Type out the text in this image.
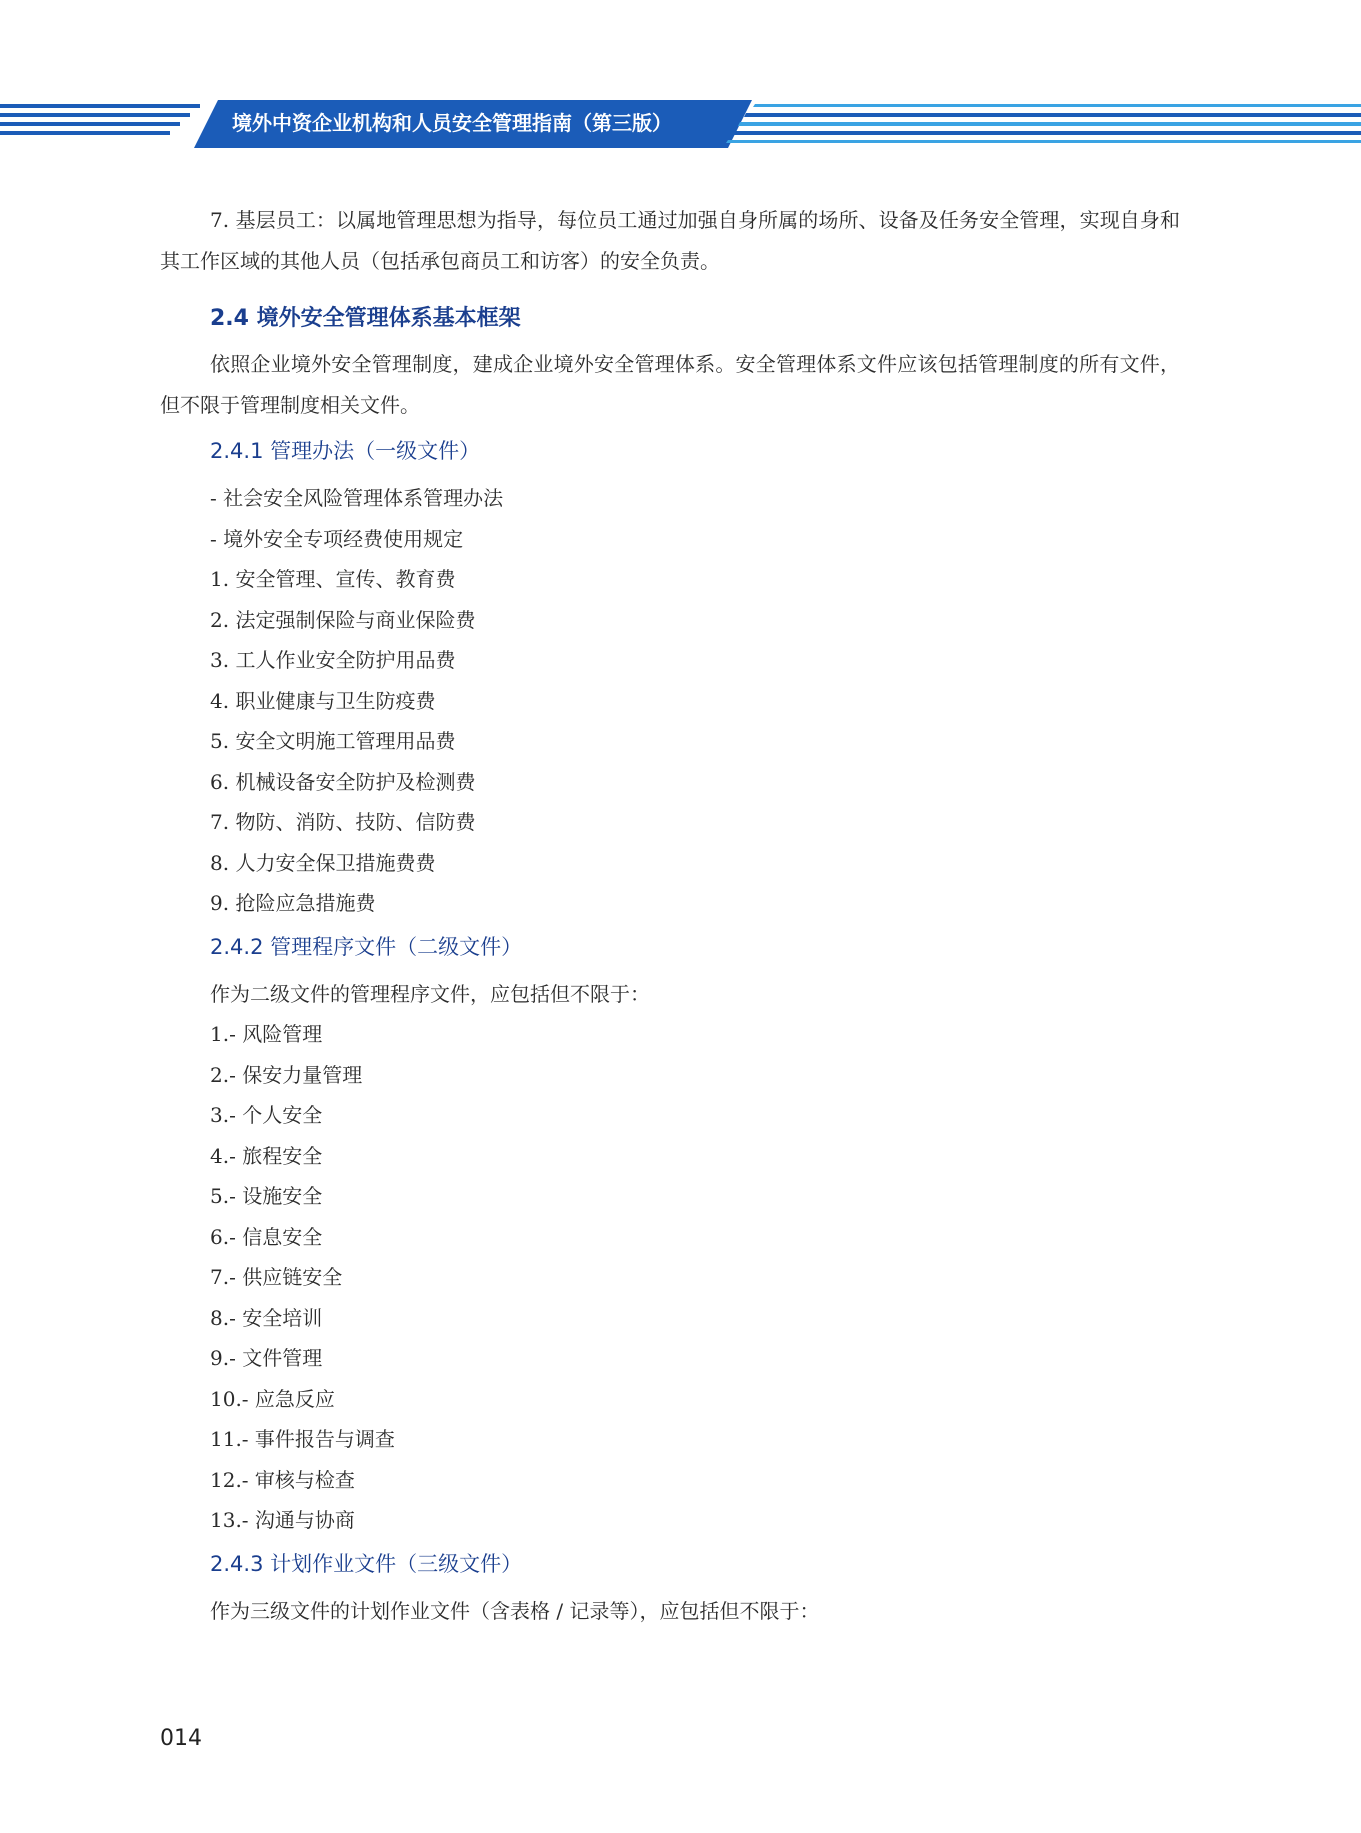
境外中资企业机构和人员安全管理指南（第三版）

7. 基层员工：以属地管理思想为指导，每位员工通过加强自身所属的场所、设备及任务安全管理，实现自身和其工作区域的其他人员（包括承包商员工和访客）的安全负责。

2.4 境外安全管理体系基本框架

依照企业境外安全管理制度，建成企业境外安全管理体系。安全管理体系文件应该包括管理制度的所有文件，但不限于管理制度相关文件。

2.4.1 管理办法（一级文件）

- 社会安全风险管理体系管理办法

- 境外安全专项经费使用规定

1. 安全管理、宣传、教育费

2. 法定强制保险与商业保险费

3. 工人作业安全防护用品费

4. 职业健康与卫生防疫费

5. 安全文明施工管理用品费

6. 机械设备安全防护及检测费

7. 物防、消防、技防、信防费

8. 人力安全保卫措施费费

9. 抢险应急措施费

2.4.2 管理程序文件（二级文件）

作为二级文件的管理程序文件，应包括但不限于：

1.- 风险管理

2.- 保安力量管理

3.- 个人安全

4.- 旅程安全

5.- 设施安全

6.- 信息安全

7.- 供应链安全

8.- 安全培训

9.- 文件管理

10.- 应急反应

11.- 事件报告与调查

12.- 审核与检查

13.- 沟通与协商

2.4.3 计划作业文件（三级文件）

作为三级文件的计划作业文件（含表格 / 记录等），应包括但不限于：

014
